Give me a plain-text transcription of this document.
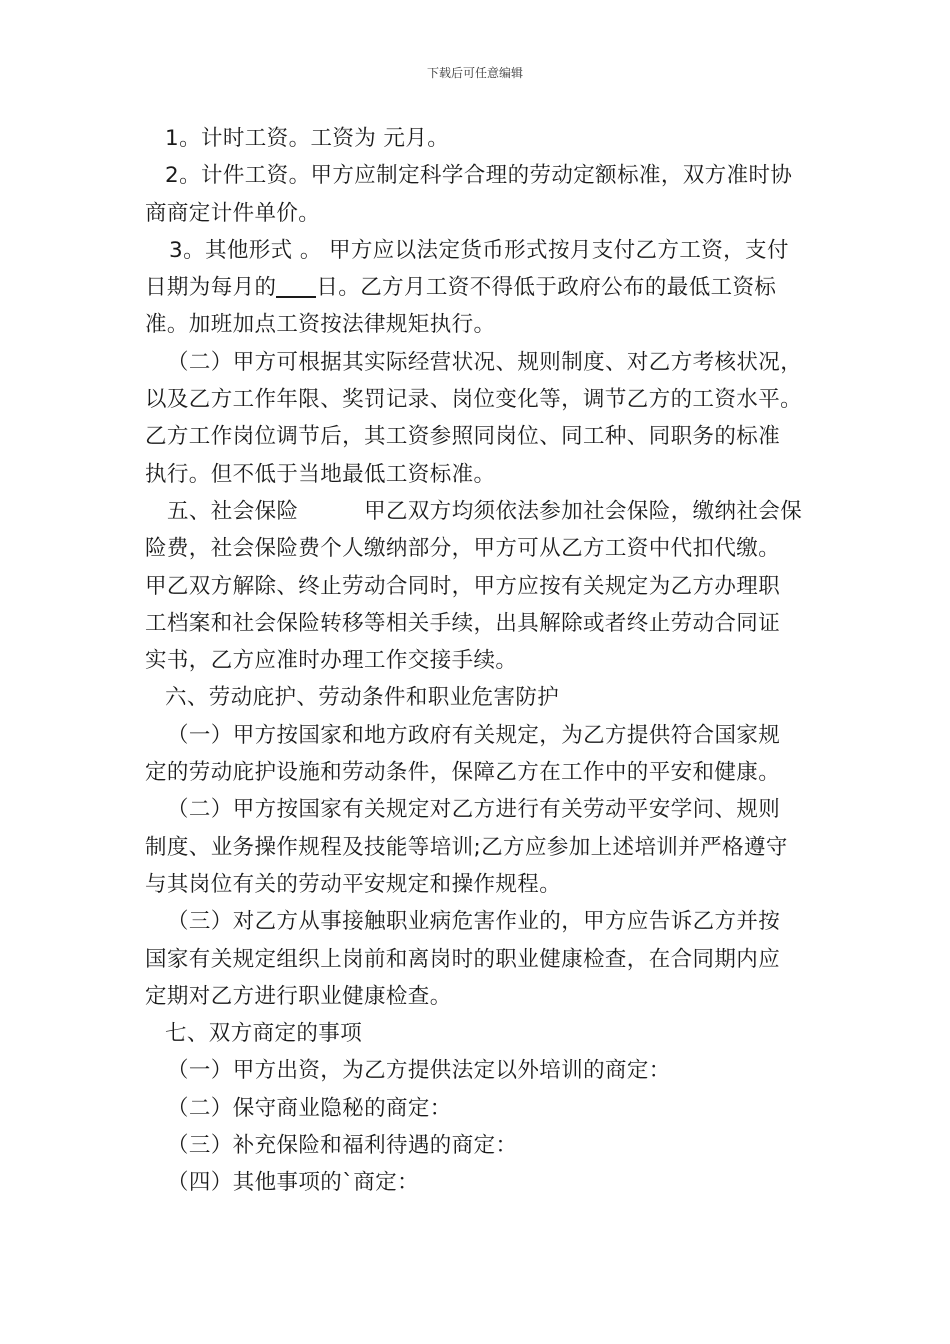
下载后可任意编辑

1。计时工资。工资为 元月。

2。计件工资。甲方应制定科学合理的劳动定额标准，双方准时协

商商定计件单价。

3。其他形式 。 甲方应以法定货币形式按月支付乙方工资，支付

日期为每月的 日。乙方月工资不得低于政府公布的最低工资标

准。加班加点工资按法律规矩执行。

（二）甲方可根据其实际经营状况、规则制度、对乙方考核状况，

以及乙方工作年限、奖罚记录、岗位变化等，调节乙方的工资水平。

乙方工作岗位调节后，其工资参照同岗位、同工种、同职务的标准

执行。但不低于当地最低工资标准。

五、社会保险　　　甲乙双方均须依法参加社会保险，缴纳社会保

险费，社会保险费个人缴纳部分，甲方可从乙方工资中代扣代缴。

甲乙双方解除、终止劳动合同时，甲方应按有关规定为乙方办理职

工档案和社会保险转移等相关手续，出具解除或者终止劳动合同证

实书，乙方应准时办理工作交接手续。

六、劳动庇护、劳动条件和职业危害防护

（一）甲方按国家和地方政府有关规定，为乙方提供符合国家规

定的劳动庇护设施和劳动条件，保障乙方在工作中的平安和健康。

（二）甲方按国家有关规定对乙方进行有关劳动平安学问、规则

制度、业务操作规程及技能等培训;乙方应参加上述培训并严格遵守

与其岗位有关的劳动平安规定和操作规程。

（三）对乙方从事接触职业病危害作业的，甲方应告诉乙方并按

国家有关规定组织上岗前和离岗时的职业健康检查，在合同期内应

定期对乙方进行职业健康检查。

七、双方商定的事项

（一）甲方出资，为乙方提供法定以外培训的商定：

（二）保守商业隐秘的商定：

（三）补充保险和福利待遇的商定：

（四）其他事项的`商定：
